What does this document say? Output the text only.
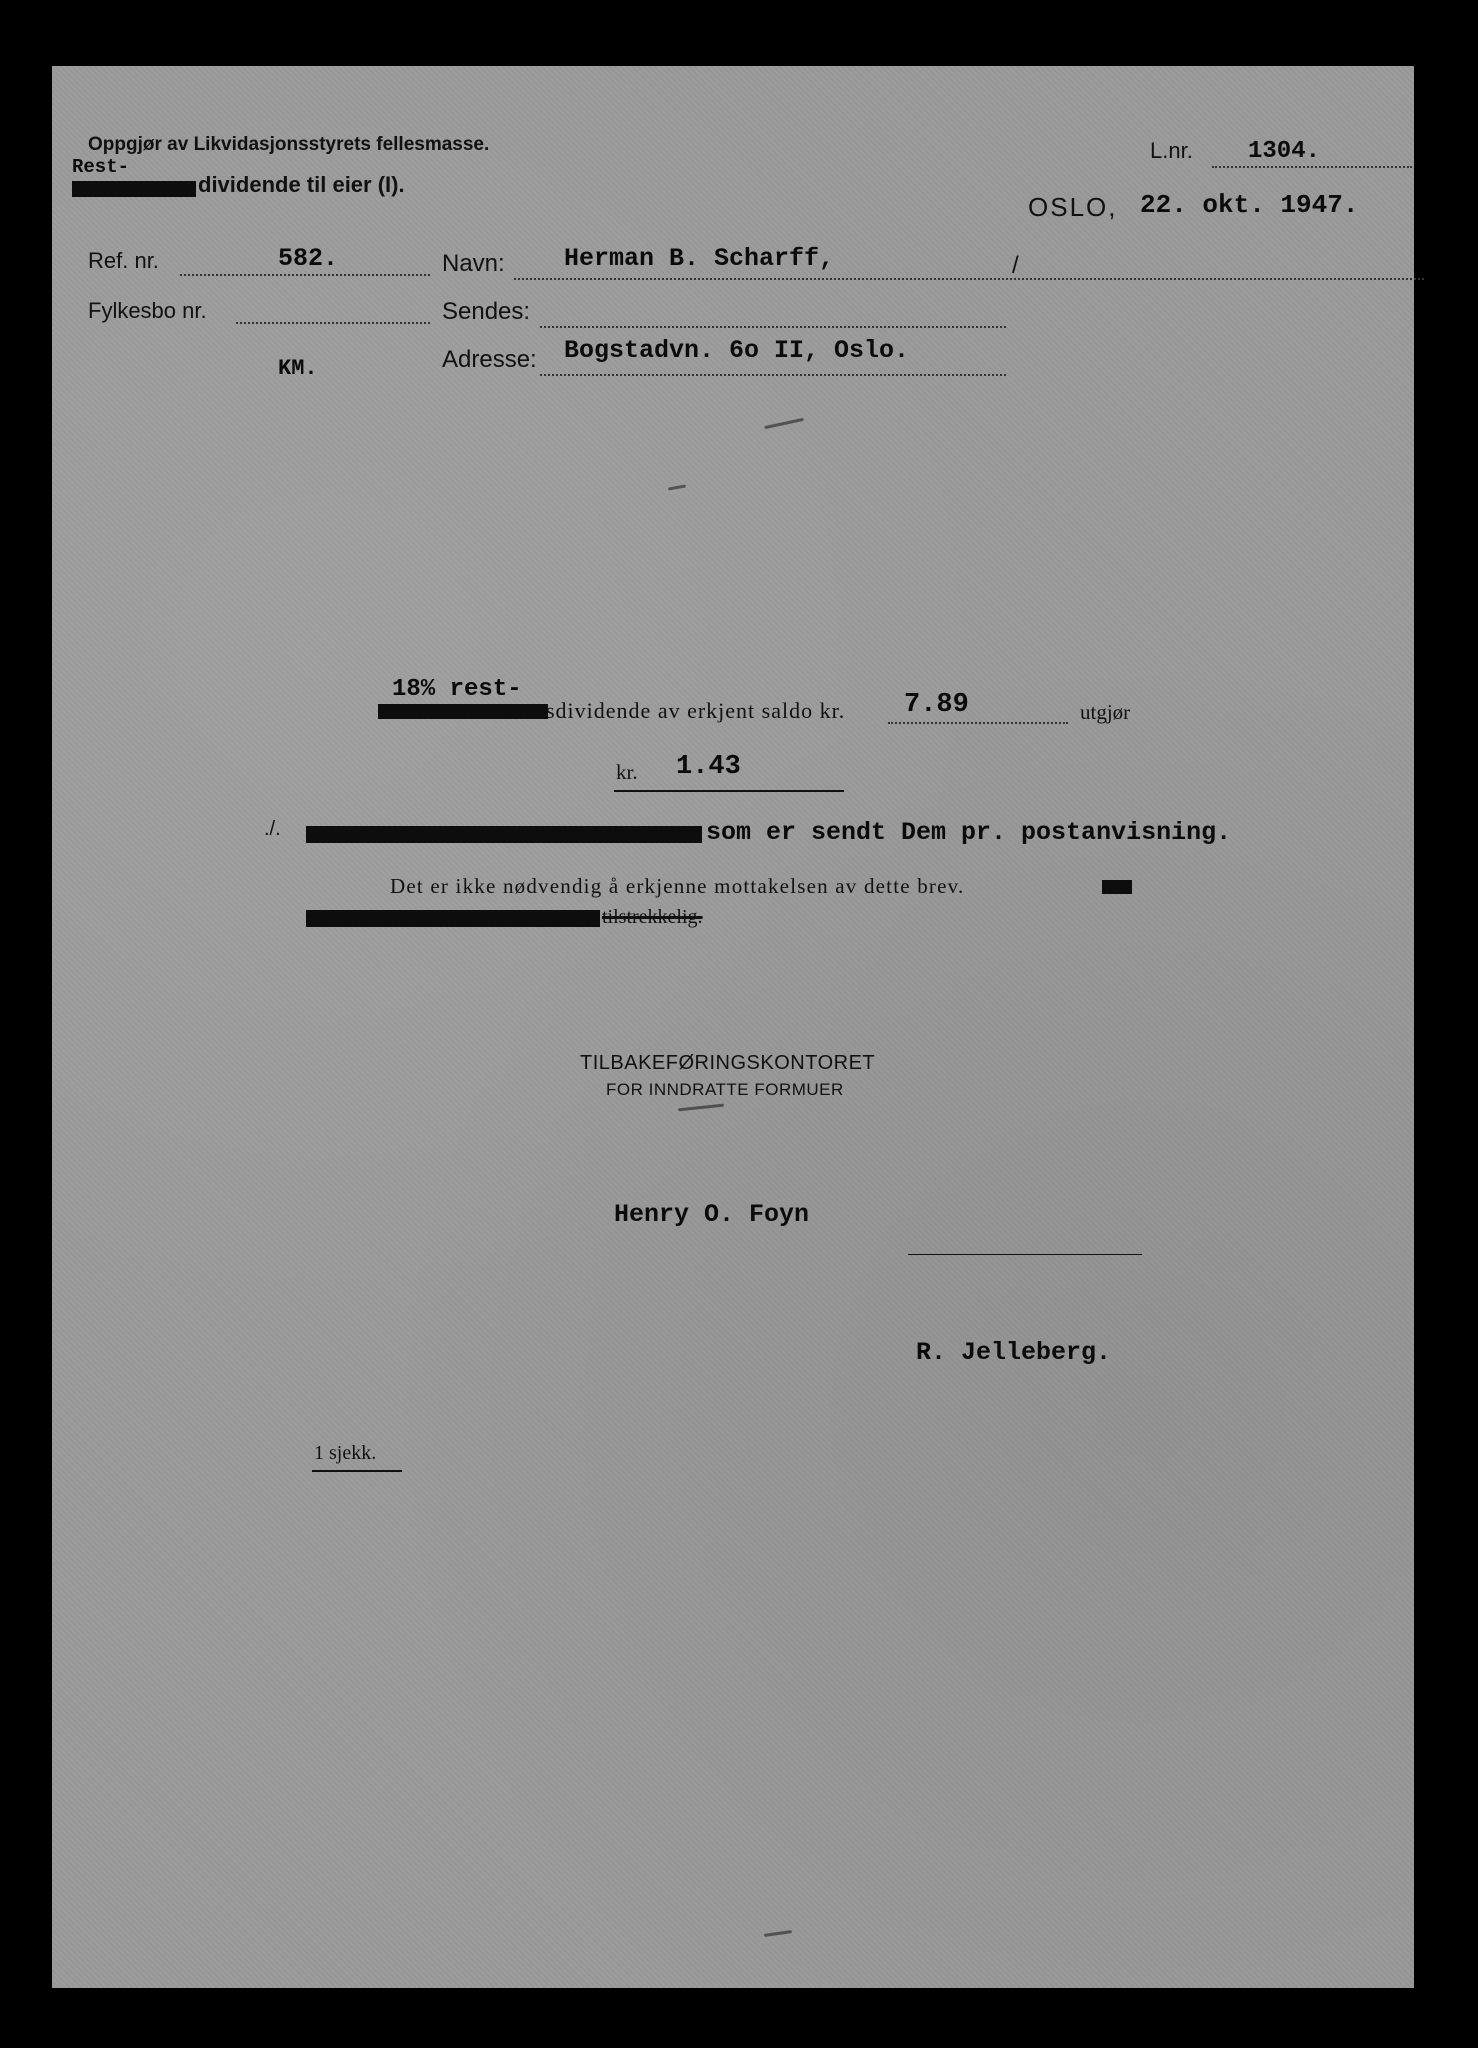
Oppgjør av Likvidasjonsstyrets fellesmasse.
Rest-
dividende til eier (I).
L.nr. 1304.
OSLO, 22. okt. 1947.
Ref. nr.	582.
Fylkesbo nr.
KM.
Navn: Herman B. Scharff,	/
Sendes:
Adresse: Bogstadvn. 6o II, Oslo.
18% rest-
sdividende av erkjent saldo kr. 7.89	utgjør
kr. 1.43
./.	som er sendt Dem pr. postanvisning.
Det er ikke nødvendig å erkjenne mottakelsen av dette brev.
tilstrekkelig.
TILBAKEFØRINGSKONTORET
FOR INNDRATTE FORMUER
Henry O. Foyn
R. Jelleberg.
1 sjekk.
